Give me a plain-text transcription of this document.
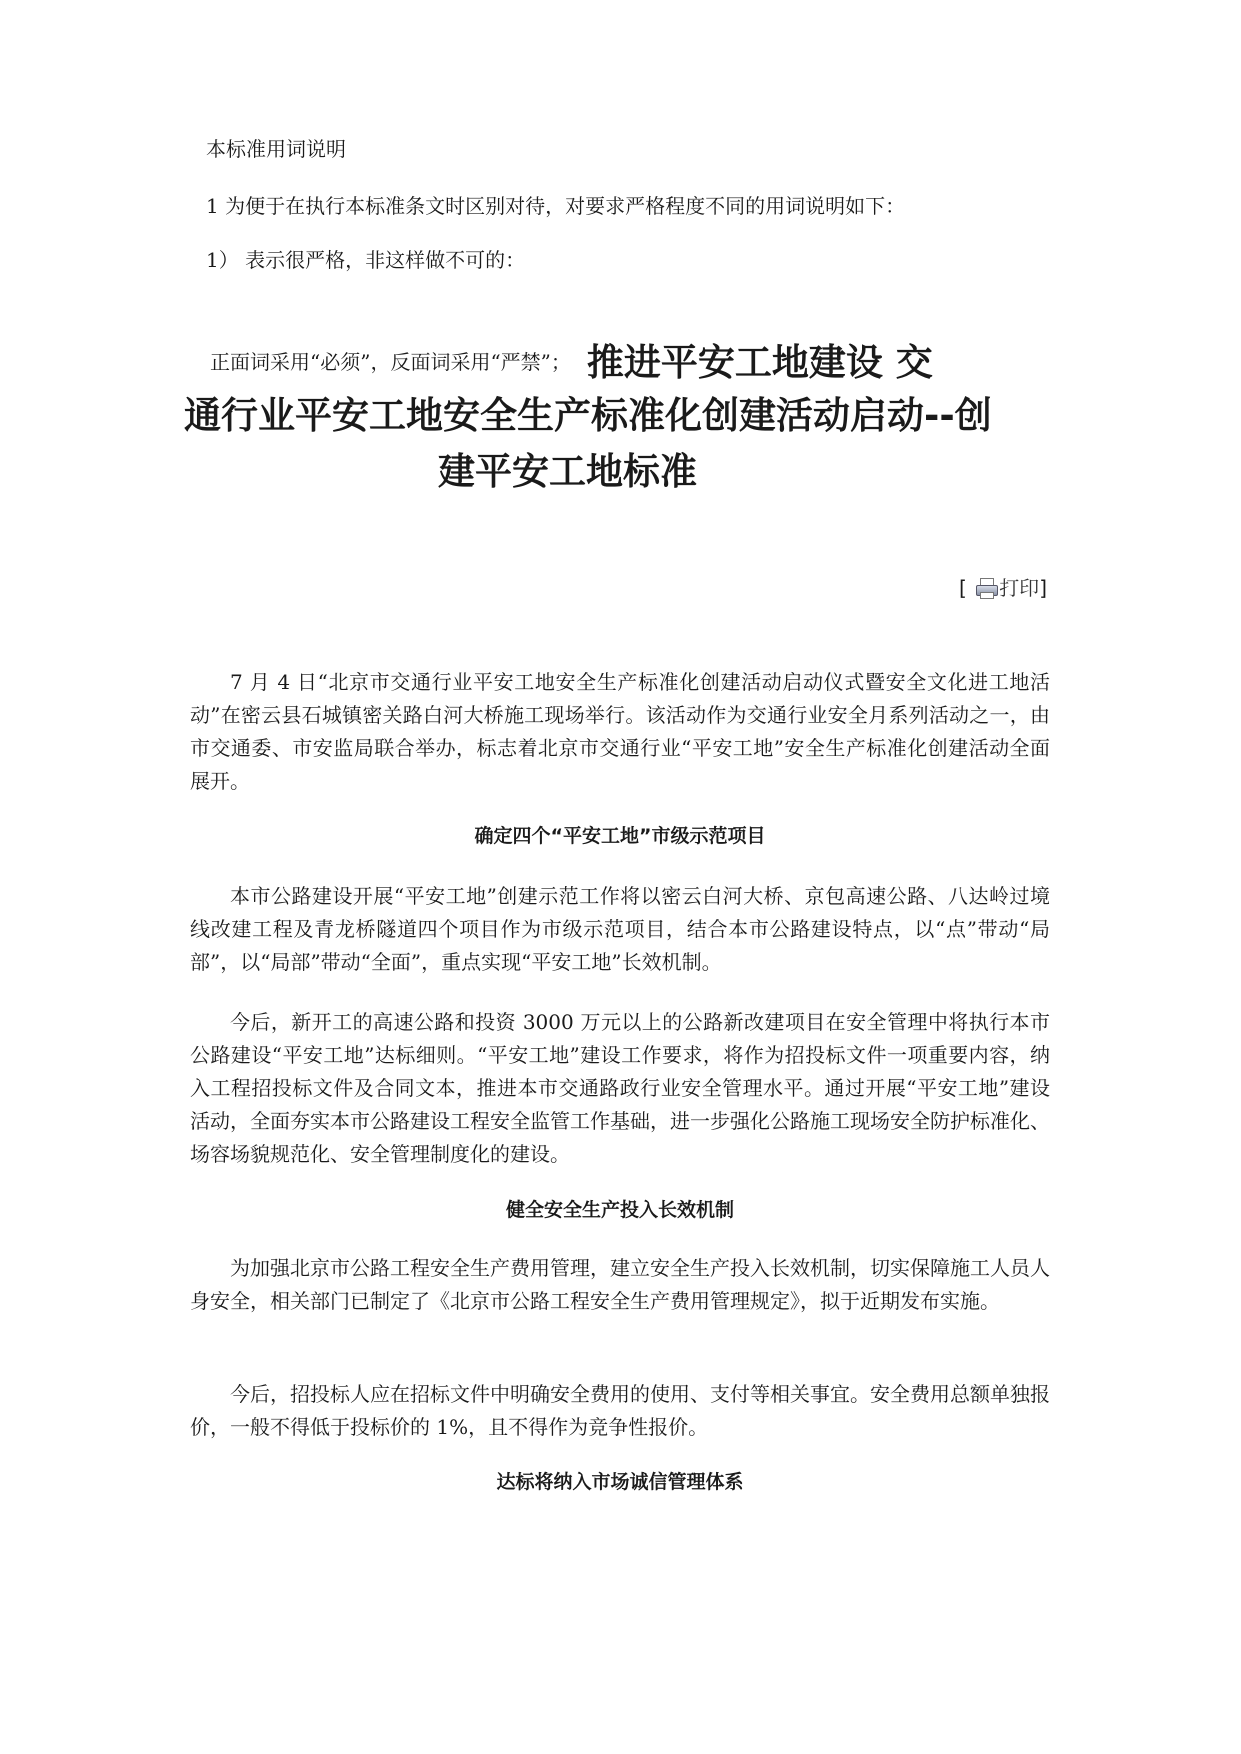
本标准用词说明
1 为便于在执行本标准条文时区别对待，对要求严格程度不同的用词说明如下：
1） 表示很严格，非这样做不可的：
正面词采用“必须”，反面词采用“严禁”； 推进平安工地建设 交
通行业平安工地安全生产标准化创建活动启动--创
建平安工地标准
[ 打印]
7 月 4 日“北京市交通行业平安工地安全生产标准化创建活动启动仪式暨安全文化进工地活动”在密云县石城镇密关路白河大桥施工现场举行。该活动作为交通行业安全月系列活动之一，由市交通委、市安监局联合举办，标志着北京市交通行业“平安工地”安全生产标准化创建活动全面展开。
确定四个“平安工地”市级示范项目
本市公路建设开展“平安工地”创建示范工作将以密云白河大桥、京包高速公路、八达岭过境线改建工程及青龙桥隧道四个项目作为市级示范项目，结合本市公路建设特点，以“点”带动“局部”，以“局部”带动“全面”，重点实现“平安工地”长效机制。
今后，新开工的高速公路和投资 3000 万元以上的公路新改建项目在安全管理中将执行本市公路建设“平安工地”达标细则。“平安工地”建设工作要求，将作为招投标文件一项重要内容，纳入工程招投标文件及合同文本，推进本市交通路政行业安全管理水平。通过开展“平安工地”建设活动，全面夯实本市公路建设工程安全监管工作基础，进一步强化公路施工现场安全防护标准化、场容场貌规范化、安全管理制度化的建设。
健全安全生产投入长效机制
为加强北京市公路工程安全生产费用管理，建立安全生产投入长效机制，切实保障施工人员人身安全，相关部门已制定了《北京市公路工程安全生产费用管理规定》，拟于近期发布实施。
今后，招投标人应在招标文件中明确安全费用的使用、支付等相关事宜。安全费用总额单独报价，一般不得低于投标价的 1%，且不得作为竞争性报价。
达标将纳入市场诚信管理体系
